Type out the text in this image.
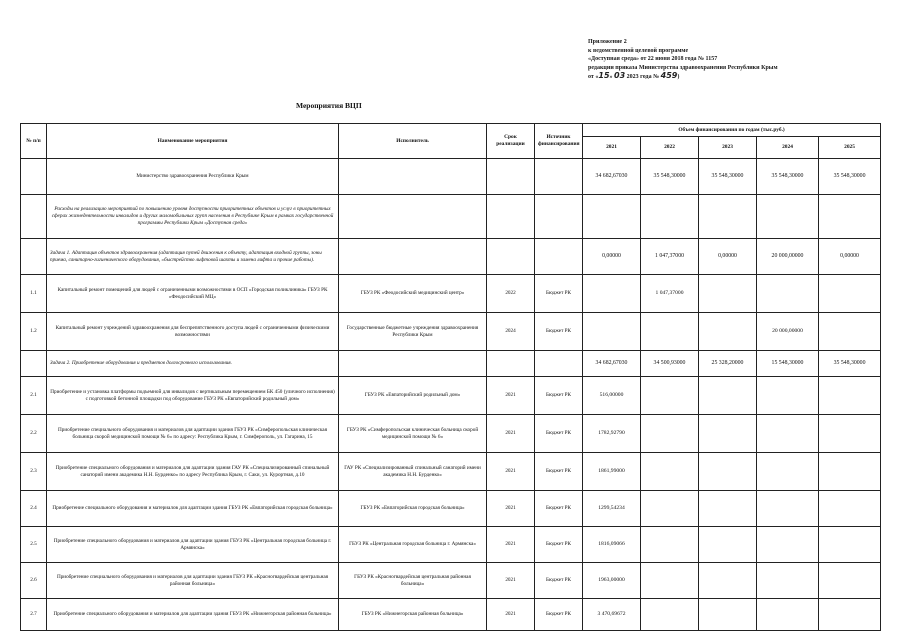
Приложение 2
к ведомственной целевой программе
«Доступная среда» от 22 июня 2018 года № 1157
редакции приказа Министерства здравоохранения Республики Крым
от «15» 03 2023 года № 459)
Мероприятия ВЦП
№ п/п	Наименование мероприятия	Исполнитель	Срок реализации	Источник финансирования	Объем финансирования по годам (тыс.руб.)				
					2021	2022	2023	2024	2025
	Министерство здравоохранения Республики Крым				34 682,67030	35 548,30000	35 548,30000	35 548,30000	35 548,30000
	Расходы на реализацию мероприятий по повышению уровня доступности приоритетных объектов и услуг в приоритетных сферах жизнедеятельности инвалидов и других маломобильных групп населения в Республике Крым в рамках государственной программы Республики Крым «Доступная среда»								
	Задача 1. Адаптация объектов здравоохранения (адаптация путей движения к объекту, адаптация входной группы, зоны приема, санитарно-гигиенического оборудования, «быстрейство лифтовой шахты и замена лифта и прочие работы).				0,00000	1 047,37000	0,00000	20 000,00000	0,00000
1.1	Капитальный ремонт помещений для людей с ограниченными возможностями в ОСП «Городская поликлиника» ГБУЗ РК «Феодосийский МЦ»	ГБУЗ РК «Феодосийский медицинский центр»	2022	Бюджет РК		1 047,37000			
1.2	Капитальный ремонт учреждений здравоохранения для беспрепятственного доступа людей с ограниченными физическими возможностями	Государственные бюджетные учреждения здравоохранения Республики Крым	2024	Бюджет РК				20 000,00000	
	Задача 2. Приобретение оборудования и предметов долгосрочного использования.				34 682,67030	34 500,93000	25 328,20000	15 548,30000	35 548,30000
2.1	Приобретение и установка платформы подъемной для инвалидов с вертикальным перемещением БК 450 (уличного исполнения) с подготовкой бетонной площадки под оборудование ГБУЗ РК «Евпаторийский родильный дом»	ГБУЗ РК «Евпаторийский родильный дом»	2021	Бюджет РК	516,00000				
2.2	Приобретение специального оборудования и материалов для адаптации здания ГБУЗ РК «Симферопольская клиническая больница скорой медицинской помощи № 6» по адресу: Республика Крым, г. Симферополь, ул. Гагарина, 15	ГБУЗ РК «Симферопольская клиническая больница скорой медицинской помощи № 6»	2021	Бюджет РК	1782,92790				
2.3	Приобретение специального оборудования и материалов для адаптации здания ГАУ РК «Специализированный спинальный санаторий имени академика Н.Н. Бурденко» по адресу Республика Крым, г. Саки, ул. Курортная, д.10	ГАУ РК «Специализированный спинальный санаторий имени академика Н.Н. Бурденко»	2021	Бюджет РК	1861,99000				
2.4	Приобретение специального оборудования и материалов для адаптации здания ГБУЗ РК «Евпаторийская городская больница»	ГБУЗ РК «Евпаторийская городская больница»	2021	Бюджет РК	1299,54234				
2.5	Приобретение специального оборудования и материалов для адаптации здания ГБУЗ РК «Центральная городская больница г. Армянска»	ГБУЗ РК «Центральная городская больница г. Армянска»	2021	Бюджет РК	1816,09066				
2.6	Приобретение специального оборудования и материалов для адаптации здания ГБУЗ РК «Красногвардейская центральная районная больница»	ГБУЗ РК «Красногвардейская центральная районная больница»	2021	Бюджет РК	1963,00000				
2.7	Приобретение специального оборудования и материалов для адаптации здания ГБУЗ РК «Нижнегорская районная больница»	ГБУЗ РК «Нижнегорская районная больница»	2021	Бюджет РК	3 470,69672				
